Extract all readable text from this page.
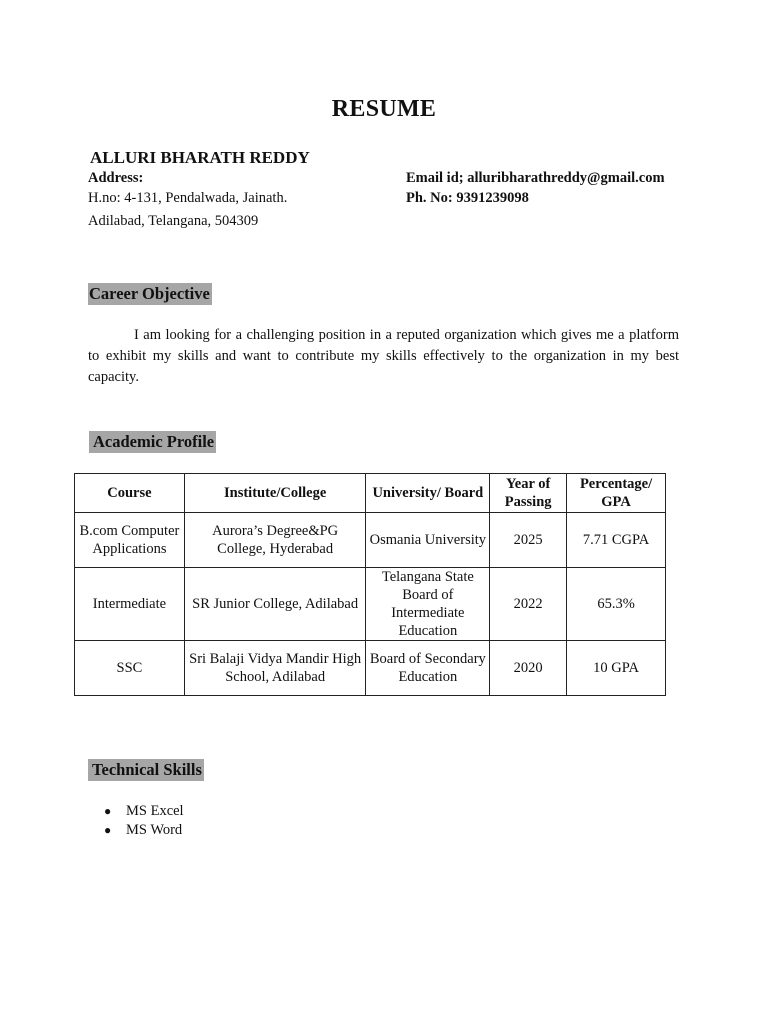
RESUME
ALLURI BHARATH REDDY
Address:
H.no: 4-131, Pendalwada, Jainath.
Adilabad, Telangana, 504309
Email id; alluribharathreddy@gmail.com
Ph. No: 9391239098
Career Objective
I am looking for a challenging position in a reputed organization which gives me a platform to exhibit my skills and want to contribute my skills effectively to the organization in my best capacity.
Academic Profile
Course	Institute/College	University/ Board	Year of Passing	Percentage/ GPA
B.com Computer Applications	Aurora’s Degree&PG College, Hyderabad	Osmania University	2025	7.71 CGPA
Intermediate	SR Junior College, Adilabad	Telangana State Board of Intermediate Education	2022	65.3%
SSC	Sri Balaji Vidya Mandir High School, Adilabad	Board of Secondary Education	2020	10 GPA
Technical Skills
● MS Excel
● MS Word
